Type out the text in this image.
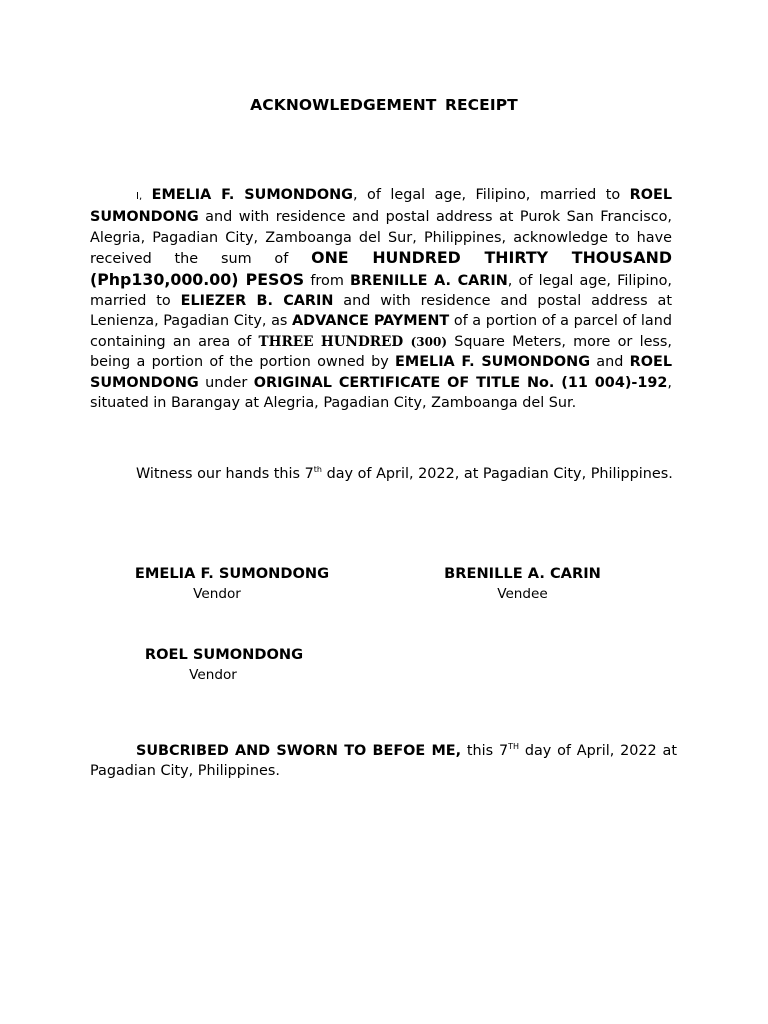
ACKNOWLEDGEMENT RECEIPT
I, EMELIA F. SUMONDONG, of legal age, Filipino, married to ROEL SUMONDONG and with residence and postal address at Purok San Francisco, Alegria, Pagadian City, Zamboanga del Sur, Philippines, acknowledge to have received the sum of ONE HUNDRED THIRTY THOUSAND (Php130,000.00) PESOS from BRENILLE A. CARIN, of legal age, Filipino, married to ELIEZER B. CARIN and with residence and postal address at Lenienza, Pagadian City, as ADVANCE PAYMENT of a portion of a parcel of land containing an area of THREE HUNDRED (300) Square Meters, more or less, being a portion of the portion owned by EMELIA F. SUMONDONG and ROEL SUMONDONG under ORIGINAL CERTIFICATE OF TITLE No. (11 004)-192, situated in Barangay at Alegria, Pagadian City, Zamboanga del Sur.
Witness our hands this 7th day of April, 2022, at Pagadian City, Philippines.
EMELIA F. SUMONDONG
Vendor
BRENILLE A. CARIN
Vendee
ROEL SUMONDONG
Vendor
SUBCRIBED AND SWORN TO BEFOE ME, this 7TH day of April, 2022 at Pagadian City, Philippines.
